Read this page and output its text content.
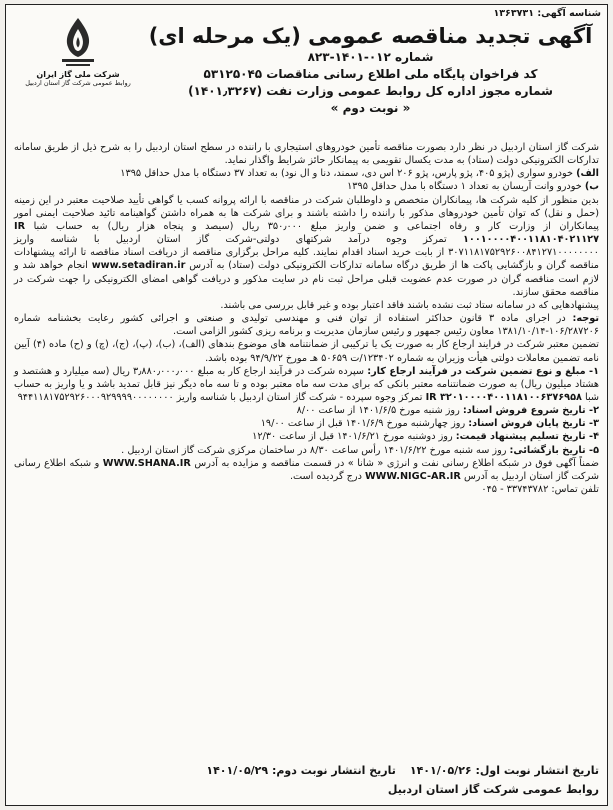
شناسه آگهی: ۱۳۶۳۷۳۱
شرکت ملی گاز ایران
روابط عمومی شرکت گاز استان اردبیل
آگهی تجدید مناقصه عمومی (یک مرحله ای)
شماره ۰۱۲-۱۴۰۱-۸۲۳
کد فراخوان پایگاه ملی اطلاع رسانی مناقصات ۵۳۱۲۵۰۴۵
شماره مجوز اداره کل روابط عمومی وزارت نفت (۱۴۰۱٫۳۲۶۷)
« نوبت دوم »

شرکت گاز استان اردبیل در نظر دارد بصورت مناقصه تأمین خودروهای استیجاری با راننده در سطح استان اردبیل را به شرح ذیل از طریق سامانه تدارکات الکترونیکی دولت (ستاد) به مدت یکسال تقویمی به پیمانکار حائز شرایط واگذار نماید.

الف) خودرو سواری (پژو ۴۰۵، پژو پارس، پژو ۲۰۶ اس دی، سمند، دنا و ال نود) به تعداد ۳۷ دستگاه با مدل حداقل ۱۳۹۵

ب) خودرو وانت آریسان به تعداد ۱ دستگاه با مدل حداقل ۱۳۹۵

بدین منظور از کلیه شرکت ها، پیمانکاران متخصص و داوطلبان شرکت در مناقصه با ارائه پروانه کسب یا گواهی تأیید صلاحیت معتبر در این زمینه (حمل و نقل) که توان تأمین خودروهای مذکور با راننده را داشته باشند و برای شرکت ها به همراه داشتن گواهینامه تائید صلاحیت ایمنی امور پیمانکاران از وزارت کار و رفاه اجتماعی و ضمن واریز مبلغ ۳۵۰٫۰۰۰ ریال (سیصد و پنجاه هزار ریال) به حساب شبا IR ۱۰۰۱۰۰۰۰۴۰۰۱۱۸۱۰۴۰۲۱۱۲۷ تمرکز وجوه درآمد شرکتهای دولتی-شرکت گاز استان اردبیل با شناسه واریز ۳۰۷۱۱۸۱۷۵۲۹۲۶۰۰۸۴۱۲۷۱۰۰۰۰۰۰۰۰ از بابت خرید اسناد اقدام نمایند. کلیه مراحل برگزاری مناقصه از دریافت اسناد مناقصه تا ارائه پیشنهادات مناقصه گران و بازگشایی پاکت ها از طریق درگاه سامانه تدارکات الکترونیکی دولت (ستاد) به آدرس www.setadiran.ir انجام خواهد شد و لازم است مناقصه گران در صورت عدم عضویت قبلی مراحل ثبت نام در سایت مذکور و دریافت گواهی امضای الکترونیکی را جهت شرکت در مناقصه محقق سازند.

پیشنهادهایی که در سامانه ستاد ثبت نشده باشند فاقد اعتبار بوده و غیر قابل بررسی می باشند.

توجه: در اجرای ماده ۳ قانون حداکثر استفاده از توان فنی و مهندسی تولیدی و صنعتی و اجرائی کشور رعایت بخشنامه شماره ۱۰۶/۲۸۷۲۰۶-۱۳۸۱/۱۰/۱۴ معاون رئیس جمهور و رئیس سازمان مدیریت و برنامه ریزی کشور الزامی است.

تضمین معتبر شرکت در فرایند ارجاع کار به صورت یک یا ترکیبی از ضمانتنامه های موضوع بندهای (الف)، (ب)، (پ)، (ج)، (چ) و (ح) ماده (۴) آیین نامه تضمین معاملات دولتی هیأت وزیران به شماره ۱۲۳۴۰۲/ت ۵۰۶۵۹ هـ مورخ ۹۴/۹/۲۲ بوده باشد.

۱- مبلغ و نوع تضمین شرکت در فرآیند ارجاع کار: سپرده شرکت در فرآیند ارجاع کار به مبلغ ۳٫۸۸۰٫۰۰۰٫۰۰۰ ریال (سه میلیارد و هشتصد و هشتاد میلیون ریال) به صورت ضمانتنامه معتبر بانکی که برای مدت سه ماه معتبر بوده و تا سه ماه دیگر نیز قابل تمدید باشد و یا واریز به حساب شبا IR ۳۲۰۱۰۰۰۰۴۰۰۱۱۸۱۰۰۶۳۷۶۹۵۸ تمرکز وجوه سپرده - شرکت گاز استان اردبیل با شناسه واریز ۹۴۴۱۱۸۱۷۵۲۹۲۶۰۰۰۹۲۹۹۹۹۰۰۰۰۰۰۰۰

۲- تاریخ شروع فروش اسناد: روز شنبه مورخ ۱۴۰۱/۶/۵ از ساعت ۸/۰۰

۳- تاریخ پایان فروش اسناد: روز چهارشنبه مورخ ۱۴۰۱/۶/۹ قبل از ساعت ۱۹/۰۰

۴- تاریخ تسلیم پیشنهاد قیمت: روز دوشنبه مورخ ۱۴۰۱/۶/۲۱ قبل از ساعت ۱۲/۳۰

۵- تاریخ بازگشائی: روز سه شنبه مورخ ۱۴۰۱/۶/۲۲ رأس ساعت ۸/۳۰ در ساختمان مرکزی شرکت گاز استان اردبیل .

ضمناً آگهی فوق در شبکه اطلاع رسانی نفت و انرژی « شانا » در قسمت مناقصه و مزایده به آدرس WWW.SHANA.IR و شبکه اطلاع رسانی شرکت گاز استان اردبیل به آدرس WWW.NIGC-AR.IR درج گردیده است.

تلفن تماس: ۳۳۷۴۳۷۸۲ - ۰۴۵

تاریخ انتشار نوبت اول: ۱۴۰۱/۰۵/۲۶
تاریخ انتشار نوبت دوم: ۱۴۰۱/۰۵/۲۹
روابط عمومی شرکت گاز استان اردبیل
